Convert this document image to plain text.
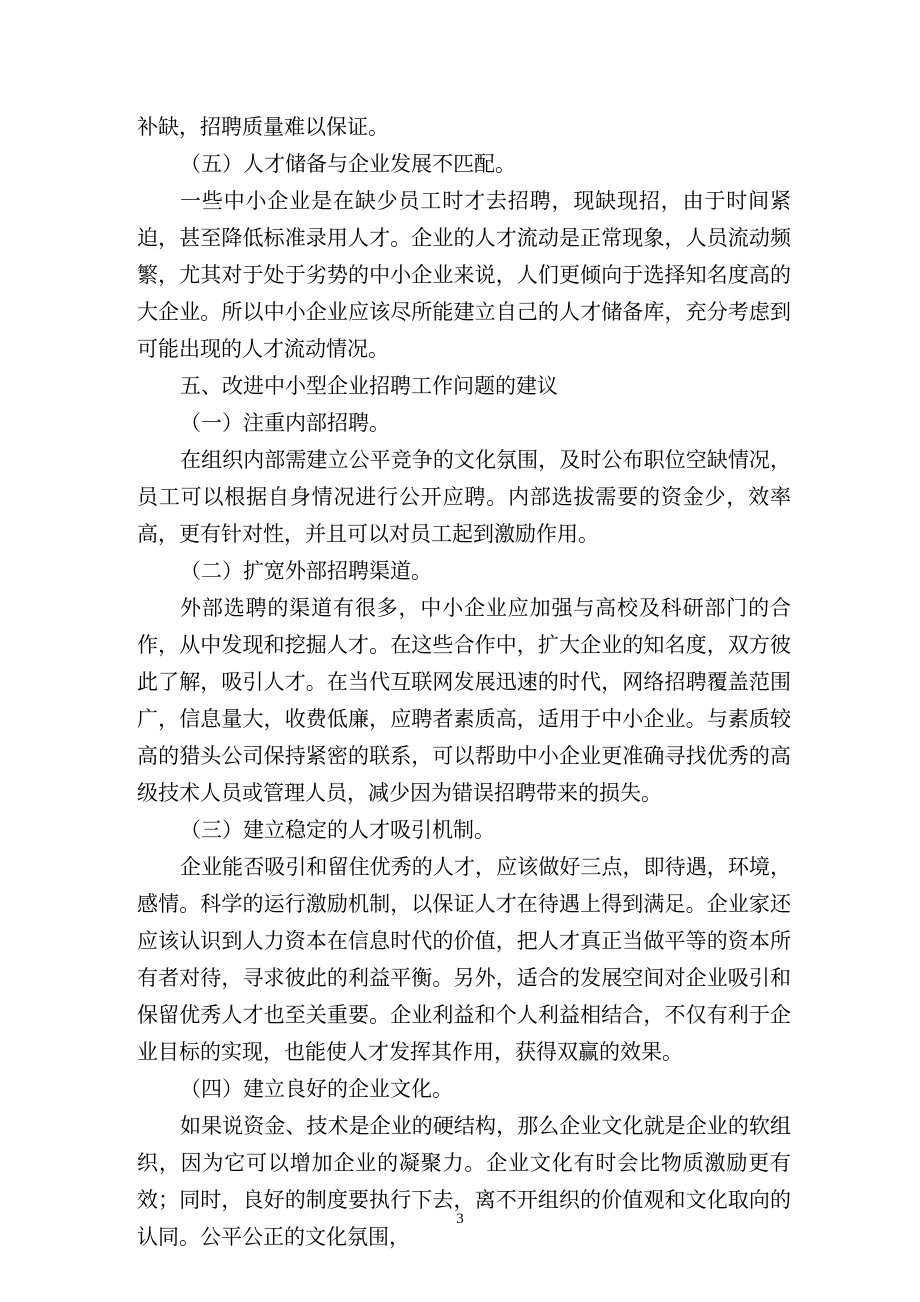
补缺，招聘质量难以保证。

（五）人才储备与企业发展不匹配。

一些中小企业是在缺少员工时才去招聘，现缺现招，由于时间紧迫，甚至降低标准录用人才。企业的人才流动是正常现象，人员流动频繁，尤其对于处于劣势的中小企业来说，人们更倾向于选择知名度高的大企业。所以中小企业应该尽所能建立自己的人才储备库，充分考虑到可能出现的人才流动情况。

五、改进中小型企业招聘工作问题的建议

（一）注重内部招聘。

在组织内部需建立公平竞争的文化氛围，及时公布职位空缺情况，员工可以根据自身情况进行公开应聘。内部选拔需要的资金少，效率高，更有针对性，并且可以对员工起到激励作用。

（二）扩宽外部招聘渠道。

外部选聘的渠道有很多，中小企业应加强与高校及科研部门的合作，从中发现和挖掘人才。在这些合作中，扩大企业的知名度，双方彼此了解，吸引人才。在当代互联网发展迅速的时代，网络招聘覆盖范围广，信息量大，收费低廉，应聘者素质高，适用于中小企业。与素质较高的猎头公司保持紧密的联系，可以帮助中小企业更准确寻找优秀的高级技术人员或管理人员，减少因为错误招聘带来的损失。

（三）建立稳定的人才吸引机制。

企业能否吸引和留住优秀的人才，应该做好三点，即待遇，环境，感情。科学的运行激励机制，以保证人才在待遇上得到满足。企业家还应该认识到人力资本在信息时代的价值，把人才真正当做平等的资本所有者对待，寻求彼此的利益平衡。另外，适合的发展空间对企业吸引和保留优秀人才也至关重要。企业利益和个人利益相结合，不仅有利于企业目标的实现，也能使人才发挥其作用，获得双赢的效果。

（四）建立良好的企业文化。

如果说资金、技术是企业的硬结构，那么企业文化就是企业的软组织，因为它可以增加企业的凝聚力。企业文化有时会比物质激励更有效；同时，良好的制度要执行下去，离不开组织的价值观和文化取向的认同。公平公正的文化氛围，

3
